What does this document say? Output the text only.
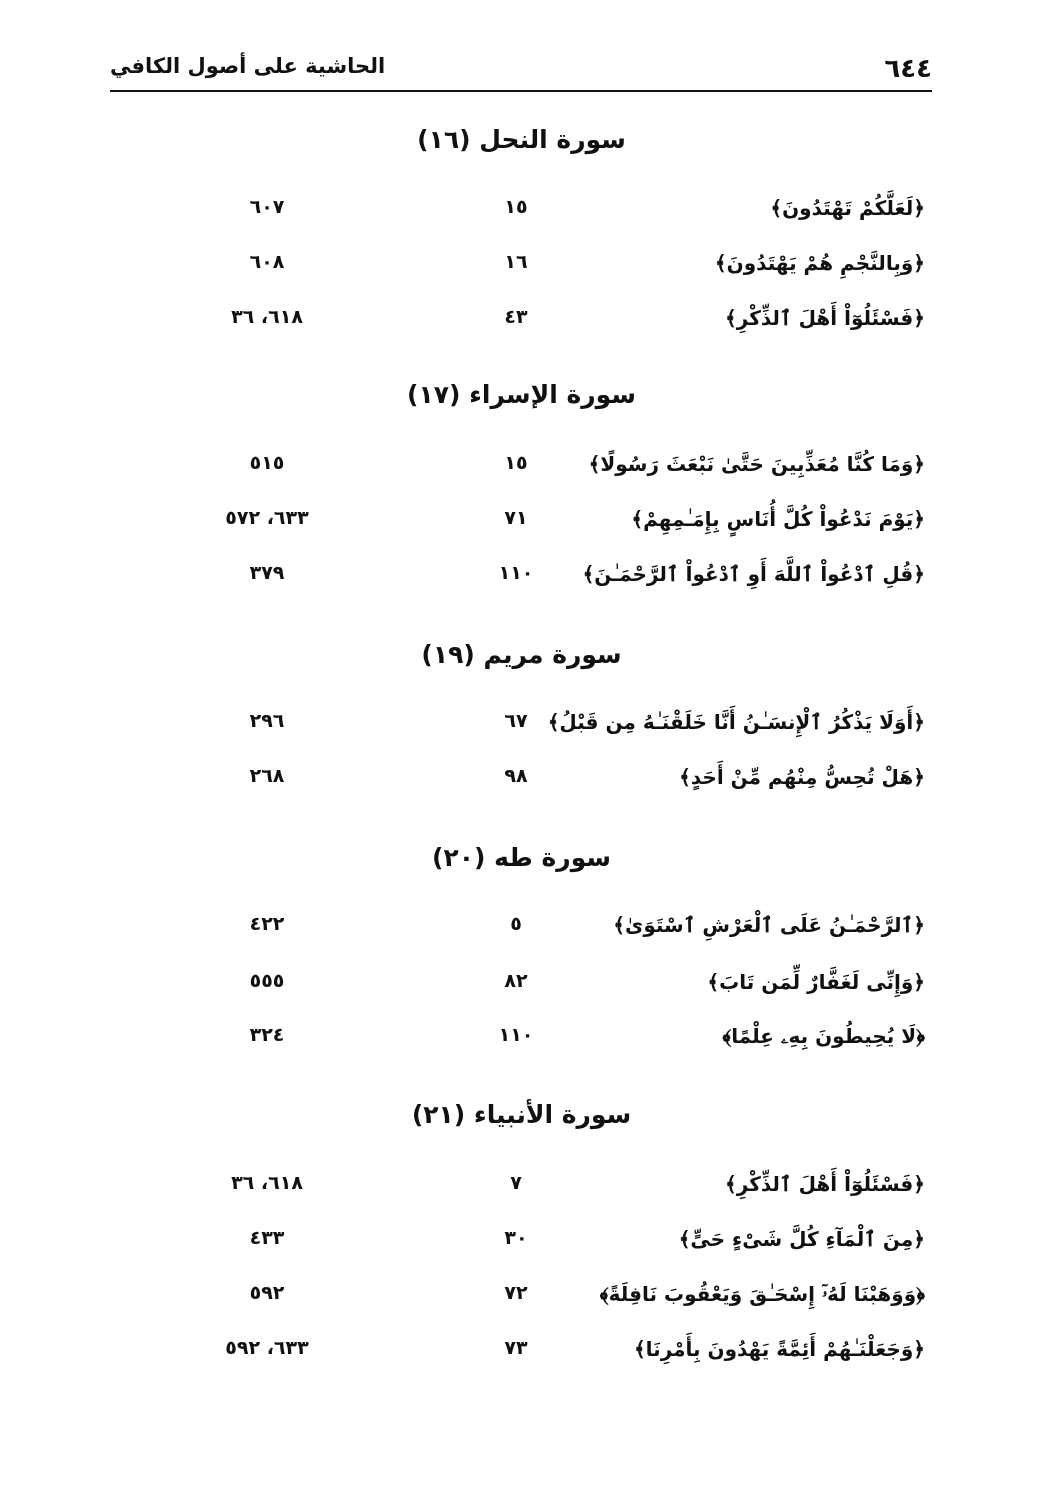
٦٤٤
الحاشية على أصول الكافي
سورة النحل (١٦)
﴿لَعَلَّكُمْ تَهْتَدُونَ﴾
١٥
٦٠٧
﴿وَبِالنَّجْمِ هُمْ يَهْتَدُونَ﴾
١٦
٦٠٨
﴿فَسْئَلُوٓاْ أَهْلَ ٱلذِّكْرِ﴾
٤٣
٦١٨، ٣٦
سورة الإسراء (١٧)
﴿وَمَا كُنَّا مُعَذِّبِينَ حَتَّىٰ نَبْعَثَ رَسُولًا﴾
١٥
٥١٥
﴿يَوْمَ نَدْعُواْ كُلَّ أُنَاسٍ بِإِمَـٰمِهِمْ﴾
٧١
٦٣٣، ٥٧٢
﴿قُلِ ٱدْعُواْ ٱللَّهَ أَوِ ٱدْعُواْ ٱلرَّحْمَـٰنَ﴾
١١٠
٣٧٩
سورة مريم (١٩)
﴿أَوَلَا يَذْكُرُ ٱلْإِنسَـٰنُ أَنَّا خَلَقْنَـٰهُ مِن قَبْلُ﴾
٦٧
٢٩٦
﴿هَلْ تُحِسُّ مِنْهُم مِّنْ أَحَدٍ﴾
٩٨
٢٦٨
سورة طه (٢٠)
﴿ٱلرَّحْمَـٰنُ عَلَى ٱلْعَرْشِ ٱسْتَوَىٰ﴾
٥
٤٢٢
﴿وَإِنِّى لَغَفَّارٌ لِّمَن تَابَ﴾
٨٢
٥٥٥
﴿لَا يُحِيطُونَ بِهِۦ عِلْمًا﴾
١١٠
٣٢٤
سورة الأنبياء (٢١)
﴿فَسْئَلُوٓاْ أَهْلَ ٱلذِّكْرِ﴾
٧
٦١٨، ٣٦
﴿مِنَ ٱلْمَآءِ كُلَّ شَىْءٍ حَىٍّ﴾
٣٠
٤٣٣
﴿وَوَهَبْنَا لَهُۥٓ إِسْحَـٰقَ وَيَعْقُوبَ نَافِلَةً﴾
٧٢
٥٩٢
﴿وَجَعَلْنَـٰهُمْ أَئِمَّةً يَهْدُونَ بِأَمْرِنَا﴾
٧٣
٦٣٣، ٥٩٢
